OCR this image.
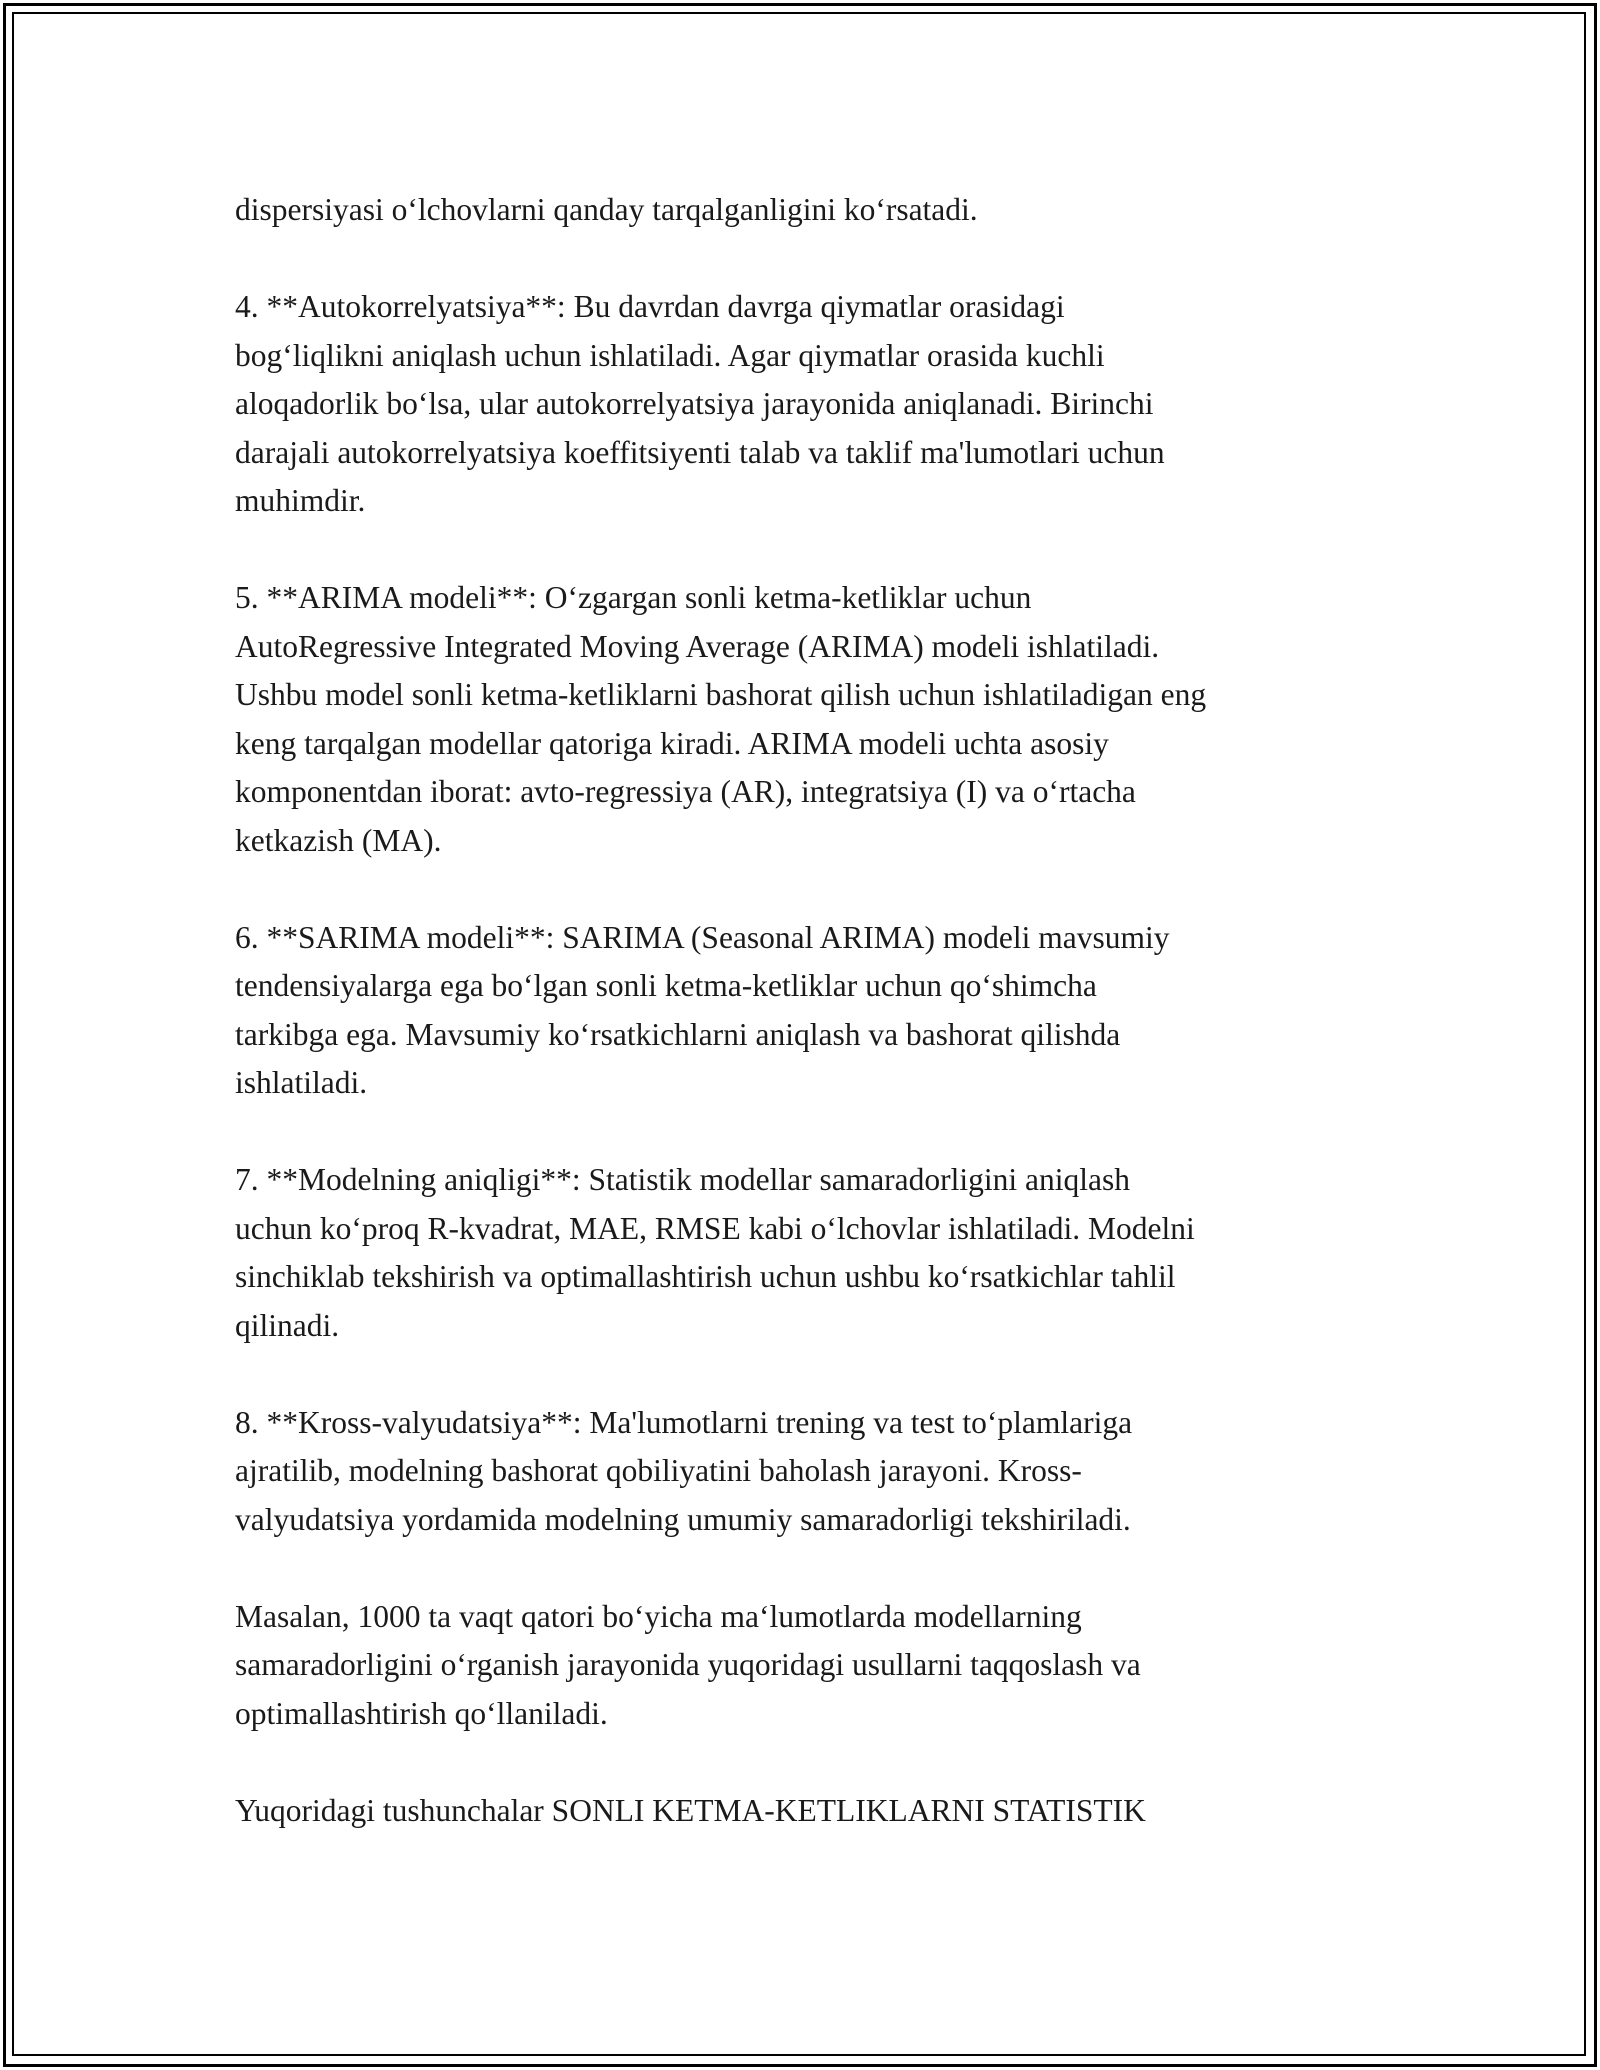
dispersiyasi o‘lchovlarni qanday tarqalganligini ko‘rsatadi.

4. **Autokorrelyatsiya**: Bu davrdan davrga qiymatlar orasidagi
bog‘liqlikni aniqlash uchun ishlatiladi. Agar qiymatlar orasida kuchli
aloqadorlik bo‘lsa, ular autokorrelyatsiya jarayonida aniqlanadi. Birinchi
darajali autokorrelyatsiya koeffitsiyenti talab va taklif ma'lumotlari uchun
muhimdir.

5. **ARIMA modeli**: O‘zgargan sonli ketma-ketliklar uchun
AutoRegressive Integrated Moving Average (ARIMA) modeli ishlatiladi.
Ushbu model sonli ketma-ketliklarni bashorat qilish uchun ishlatiladigan eng
keng tarqalgan modellar qatoriga kiradi. ARIMA modeli uchta asosiy
komponentdan iborat: avto-regressiya (AR), integratsiya (I) va o‘rtacha
ketkazish (MA).

6. **SARIMA modeli**: SARIMA (Seasonal ARIMA) modeli mavsumiy
tendensiyalarga ega bo‘lgan sonli ketma-ketliklar uchun qo‘shimcha
tarkibga ega. Mavsumiy ko‘rsatkichlarni aniqlash va bashorat qilishda
ishlatiladi.

7. **Modelning aniqligi**: Statistik modellar samaradorligini aniqlash
uchun ko‘proq R-kvadrat, MAE, RMSE kabi o‘lchovlar ishlatiladi. Modelni
sinchiklab tekshirish va optimallashtirish uchun ushbu ko‘rsatkichlar tahlil
qilinadi.

8. **Kross-valyudatsiya**: Ma'lumotlarni trening va test to‘plamlariga
ajratilib, modelning bashorat qobiliyatini baholash jarayoni. Kross-
valyudatsiya yordamida modelning umumiy samaradorligi tekshiriladi.

Masalan, 1000 ta vaqt qatori bo‘yicha ma‘lumotlarda modellarning
samaradorligini o‘rganish jarayonida yuqoridagi usullarni taqqoslash va
optimallashtirish qo‘llaniladi.

Yuqoridagi tushunchalar SONLI KETMA-KETLIKLARNI STATISTIK
